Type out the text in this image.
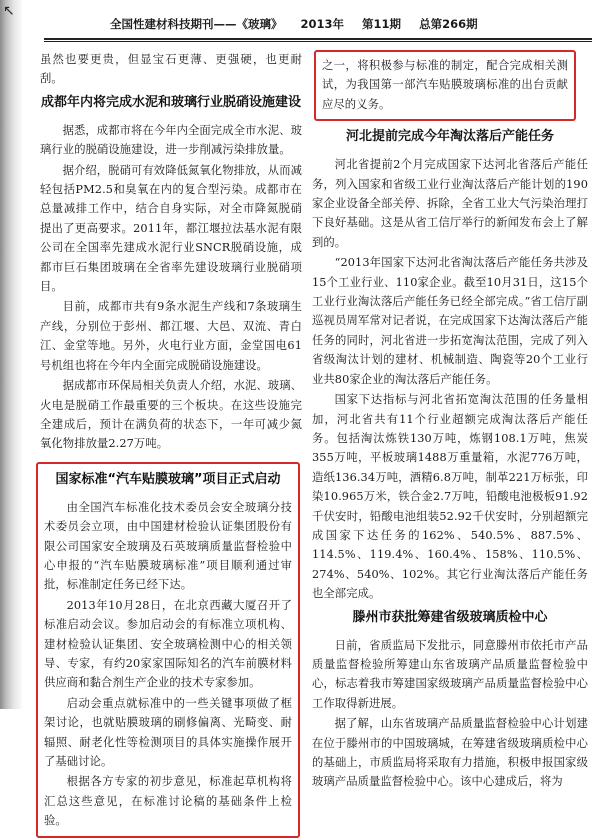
↖
全国性建材科技期刊——《玻璃》 2013年 第11期 总第266期

虽然也要更贵，但显宝石更薄、更强硬，也更耐刮。

成都年内将完成水泥和玻璃行业脱硝设施建设

据悉，成都市将在今年内全面完成全市水泥、玻璃行业的脱硝设施建设，进一步削减污染排放量。

据介绍，脱硝可有效降低氮氧化物排放，从而减轻包括PM2.5和臭氧在内的复合型污染。成都市在总量减排工作中，结合自身实际，对全市降氮脱硝提出了更高要求。2011年，都江堰拉法基水泥有限公司在全国率先建成水泥行业SNCR脱硝设施，成都市巨石集团玻璃在全省率先建设玻璃行业脱硝项目。

目前，成都市共有9条水泥生产线和7条玻璃生产线，分别位于彭州、都江堰、大邑、双流、青白江、金堂等地。另外，火电行业方面，金堂国电61号机组也将在今年内全面完成脱硝设施建设。

据成都市环保局相关负责人介绍，水泥、玻璃、火电是脱硝工作最重要的三个板块。在这些设施完全建成后，预计在满负荷的状态下，一年可减少氮氧化物排放量2.27万吨。

国家标准“汽车贴膜玻璃”项目正式启动

由全国汽车标准化技术委员会安全玻璃分技术委员会立项，由中国建材检验认证集团股份有限公司国家安全玻璃及石英玻璃质量监督检验中心申报的“汽车贴膜玻璃标准”项目顺利通过审批，标准制定任务已经下达。

2013年10月28日，在北京西藏大厦召开了标准启动会议。参加启动会的有标准立项机构、建材检验认证集团、安全玻璃检测中心的相关领导、专家，有约20家家国际知名的汽车前膜材料供应商和黏合剂生产企业的技术专家参加。

启动会重点就标准中的一些关键事项做了框架讨论，也就贴膜玻璃的刷修偏离、光畸变、耐辐照、耐老化性等检测项目的具体实施操作展开了基础讨论。

根据各方专家的初步意见，标准起草机构将汇总这些意见，在标准讨论稿的基础条件上检验。

之一，将积极参与标准的制定，配合完成相关测试，为我国第一部汽车贴膜玻璃标准的出台贡献应尽的义务。

河北提前完成今年淘汰落后产能任务

河北省提前2个月完成国家下达河北省落后产能任务，列入国家和省级工业行业淘汰落后产能计划的190家企业设备全部关停、拆除，全省工业大气污染治理打下良好基础。这是从省工信厅举行的新闻发布会上了解到的。

“2013年国家下达河北省淘汰落后产能任务共涉及15个工业行业、110家企业。截至10月31日，这15个工业行业淘汰落后产能任务已经全部完成。”省工信厅副巡视员周军常对记者说，在完成国家下达淘汰落后产能任务的同时，河北省进一步拓宽淘汰范围，完成了列入省级淘汰计划的建材、机械制造、陶瓷等20个工业行业共80家企业的淘汰落后产能任务。

国家下达指标与河北省拓宽淘汰范围的任务量相加，河北省共有11个行业超额完成淘汰落后产能任务。包括淘汰炼铁130万吨，炼钢108.1万吨，焦炭355万吨，平板玻璃1488万重量箱，水泥776万吨，造纸136.34万吨，酒精6.8万吨，制革221万标张，印染10.965万米，铁合金2.7万吨，铅酸电池极板91.92千伏安时，铅酸电池组装52.92千伏安时，分别超额完成国家下达任务的162%、540.5%、887.5%、114.5%、119.4%、160.4%、158%、110.5%、274%、540%、102%。其它行业淘汰落后产能任务也全部完成。

滕州市获批筹建省级玻璃质检中心

日前，省质监局下发批示，同意滕州市依托市产品质量监督检验所筹建山东省玻璃产品质量监督检验中心，标志着我市筹建国家级玻璃产品质量监督检验中心工作取得新进展。

据了解，山东省玻璃产品质量监督检验中心计划建在位于滕州市的中国玻璃城，在筹建省级玻璃质检中心的基础上，市质监局将采取有力措施，积极申报国家级玻璃产品质量监督检验中心。该中心建成后，将为
